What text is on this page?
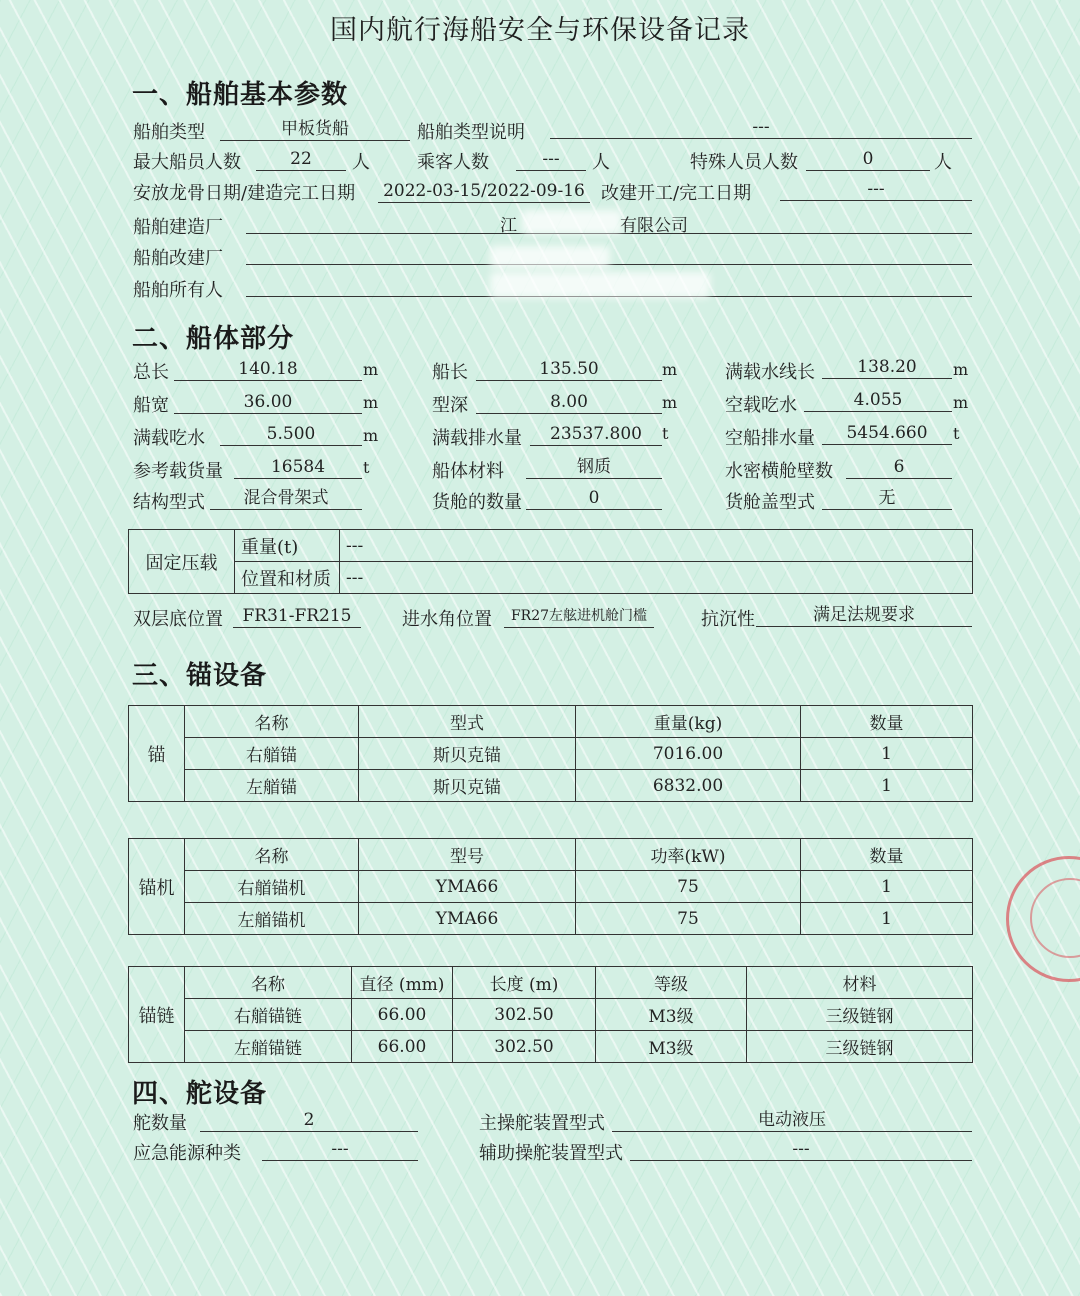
国内航行海船安全与环保设备记录
一、船舶基本参数
船舶类型	甲板货船	船舶类型说明	---
最大船员人数	22	人	乘客人数	---	人	特殊人员人数	0	人
安放龙骨日期/建造完工日期	2022-03-15/2022-09-16 改建开工/完工日期	---
船舶建造厂	江	有限公司
船舶改建厂
船舶所有人
二、船体部分
总长	140.18	m	船长	135.50	m	满载水线长	138.20	m
船宽	36.00	m	型深	8.00	m	空载吃水	4.055	m
满载吃水	5.500	m	满载排水量	23537.800	t	空船排水量	5454.660	t
参考载货量	16584	t	船体材料	钢质	水密横舱壁数	6
结构型式	混合骨架式	货舱的数量	0	货舱盖型式	无
固定压载	重量(t)	---
	位置和材质	---
双层底位置	FR31-FR215	进水角位置	FR27左舷进机舱门槛	抗沉性	满足法规要求
三、锚设备
锚	名称	型式	重量(kg)	数量
	右艏锚	斯贝克锚	7016.00	1
	左艏锚	斯贝克锚	6832.00	1
锚机	名称	型号	功率(kW)	数量
	右艏锚机	YMA66	75	1
	左艏锚机	YMA66	75	1
锚链	名称	直径 (mm)	长度 (m)	等级	材料
	右艏锚链	66.00	302.50	M3级	三级链钢
	左艏锚链	66.00	302.50	M3级	三级链钢
四、舵设备
舵数量	2	主操舵装置型式	电动液压
应急能源种类	---	辅助操舵装置型式	---
